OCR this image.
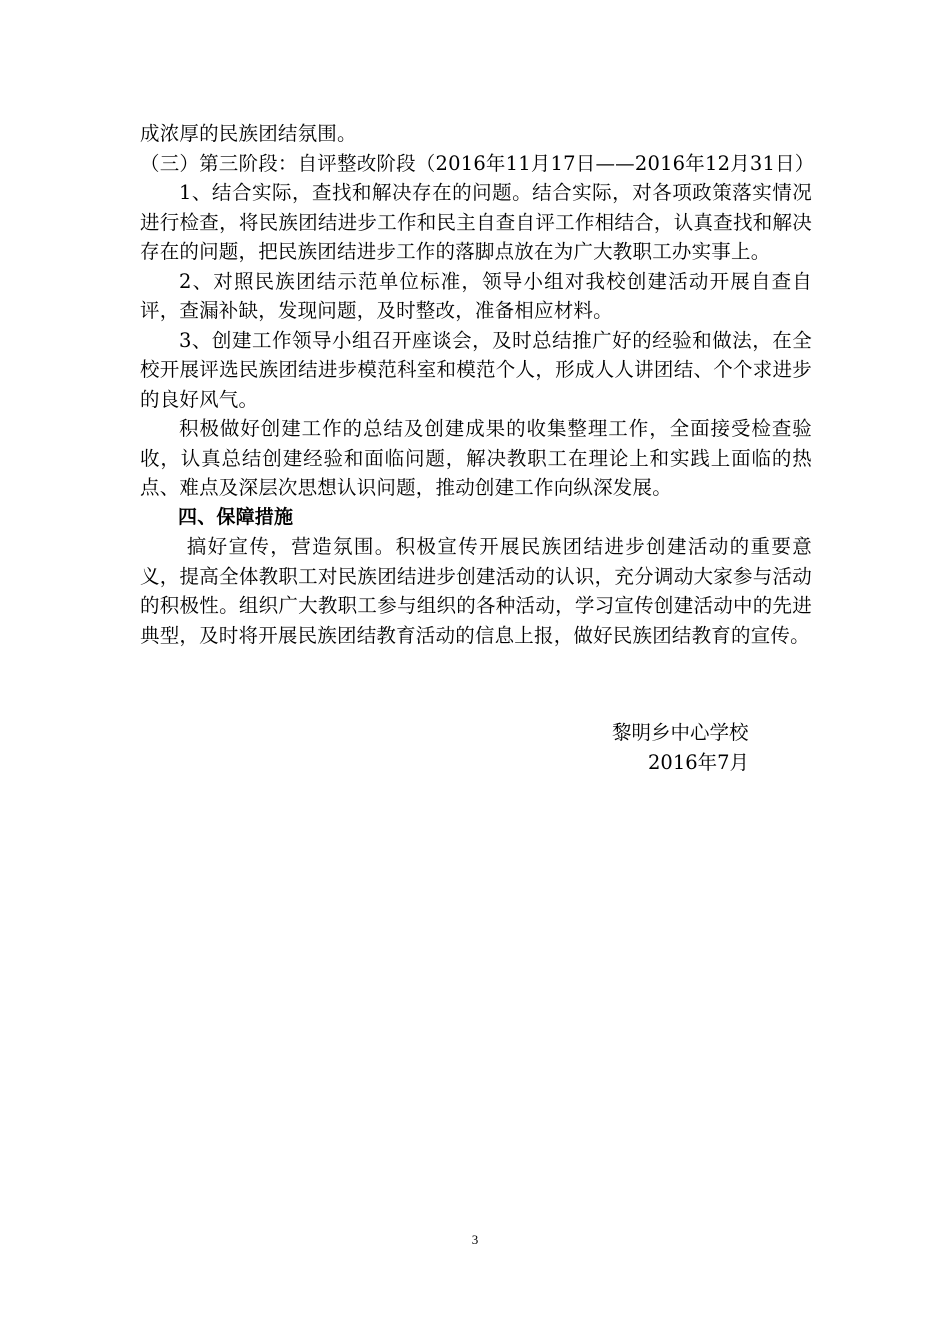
成浓厚的民族团结氛围。

（三）第三阶段：自评整改阶段（2016年11月17日——2016年12月31日）

1、结合实际，查找和解决存在的问题。结合实际，对各项政策落实情况进行检查，将民族团结进步工作和民主自查自评工作相结合，认真查找和解决存在的问题，把民族团结进步工作的落脚点放在为广大教职工办实事上。

2、对照民族团结示范单位标准，领导小组对我校创建活动开展自查自评，查漏补缺，发现问题，及时整改，准备相应材料。

3、创建工作领导小组召开座谈会，及时总结推广好的经验和做法，在全校开展评选民族团结进步模范科室和模范个人，形成人人讲团结、个个求进步的良好风气。

积极做好创建工作的总结及创建成果的收集整理工作，全面接受检查验收，认真总结创建经验和面临问题，解决教职工在理论上和实践上面临的热点、难点及深层次思想认识问题，推动创建工作向纵深发展。

四、保障措施

搞好宣传，营造氛围。积极宣传开展民族团结进步创建活动的重要意义，提高全体教职工对民族团结进步创建活动的认识，充分调动大家参与活动的积极性。组织广大教职工参与组织的各种活动，学习宣传创建活动中的先进典型，及时将开展民族团结教育活动的信息上报，做好民族团结教育的宣传。

黎明乡中心学校

2016年7月

3
